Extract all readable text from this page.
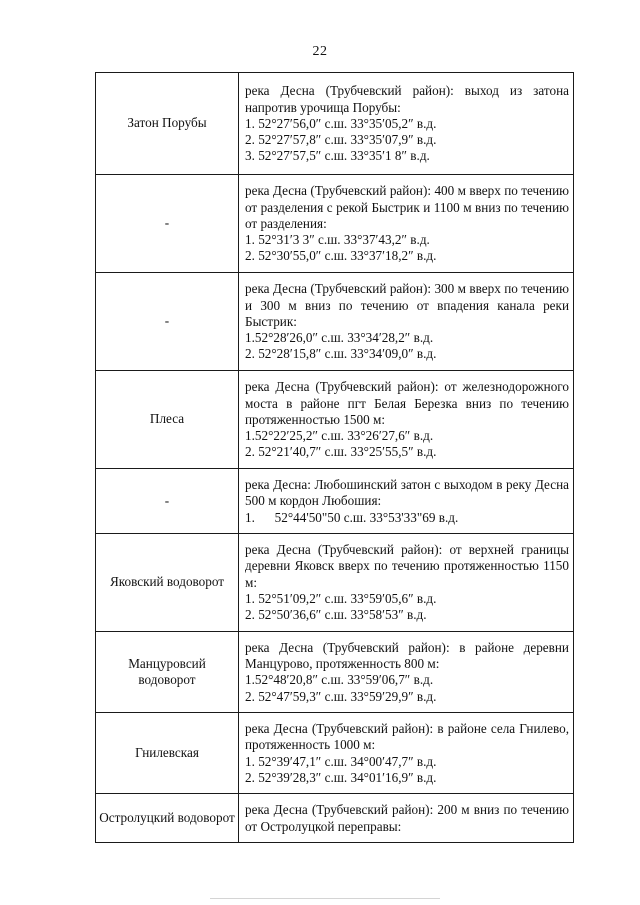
22
Затон Порубы	река Десна (Трубчевский район): выход из затона напротив урочища Порубы:
1. 52°27′56,0″ с.ш. 33°35′05,2″ в.д.
2. 52°27′57,8″ с.ш. 33°35′07,9″ в.д.
3. 52°27′57,5″ с.ш. 33°35′1 8″ в.д.

-	река Десна (Трубчевский район): 400 м вверх по течению от разделения с рекой Быстрик и 1100 м вниз по течению от разделения:
1. 52°31′3 3″ с.ш. 33°37′43,2″ в.д.
2. 52°30′55,0″ с.ш. 33°37′18,2″ в.д.

-	река Десна (Трубчевский район): 300 м вверх по течению и 300 м вниз по течению от впадения канала реки Быстрик:
1.52°28′26,0″ с.ш. 33°34′28,2″ в.д.
2. 52°28′15,8″ с.ш. 33°34′09,0″ в.д.

Плеса	река Десна (Трубчевский район): от железнодорожного моста в районе пгт Белая Березка вниз по течению протяженностью 1500 м:
1.52°22′25,2″ с.ш. 33°26′27,6″ в.д.
2. 52°21′40,7″ с.ш. 33°25′55,5″ в.д.

-	река Десна: Любошинский затон с выходом в реку Десна 500 м кордон Любошия:
1.      52°44'50"50 с.ш. 33°53'33"69 в.д.

Яковский водоворот	река Десна (Трубчевский район): от верхней границы деревни Яковск вверх по течению протяженностью 1150 м:
1. 52°51′09,2″ с.ш. 33°59′05,6″ в.д.
2. 52°50′36,6″ с.ш. 33°58′53″ в.д.

Манцуровсий водоворот	река Десна (Трубчевский район): в районе деревни Манцурово, протяженность 800 м:
1.52°48′20,8″ с.ш. 33°59′06,7″ в.д.
2. 52°47′59,3″ с.ш. 33°59′29,9″ в.д.

Гнилевская	река Десна (Трубчевский район): в районе села Гнилево, протяженность 1000 м:
1. 52°39′47,1″ с.ш. 34°00′47,7″ в.д.
2. 52°39′28,3″ с.ш. 34°01′16,9″ в.д.

Остролуцкий водоворот	река Десна (Трубчевский район): 200 м вниз по течению от Остролуцкой переправы:
